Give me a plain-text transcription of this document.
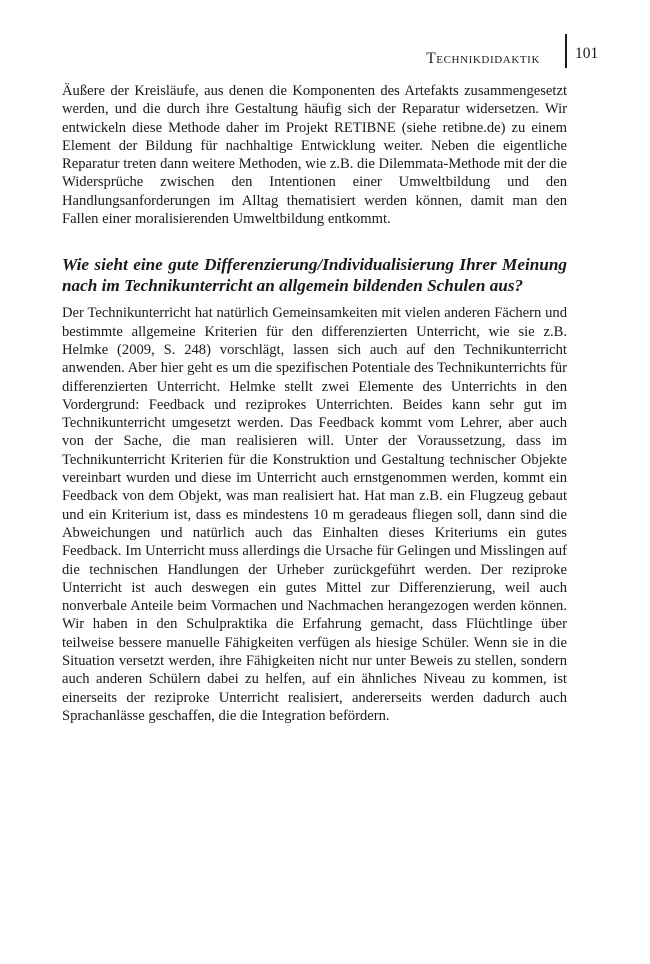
Technikdidaktik	101

Äußere der Kreisläufe, aus denen die Komponenten des Artefakts zusammengesetzt werden, und die durch ihre Gestaltung häufig sich der Reparatur widersetzen. Wir entwickeln diese Methode daher im Projekt RETIBNE (siehe retibne.de) zu einem Element der Bildung für nachhaltige Entwicklung weiter. Neben die eigentliche Reparatur treten dann weitere Methoden, wie z.B. die Dilemmata-Methode mit der die Widersprüche zwischen den Intentionen einer Umweltbildung und den Handlungsanforderungen im Alltag thematisiert werden können, damit man den Fallen einer moralisierenden Umweltbildung entkommt.

Wie sieht eine gute Differenzierung/Individualisierung Ihrer Meinung nach im Technikunterricht an allgemein bildenden Schulen aus?

Der Technikunterricht hat natürlich Gemeinsamkeiten mit vielen anderen Fächern und bestimmte allgemeine Kriterien für den differenzierten Unterricht, wie sie z.B. Helmke (2009, S. 248) vorschlägt, lassen sich auch auf den Technikunterricht anwenden. Aber hier geht es um die spezifischen Potentiale des Technikunterrichts für differenzierten Unterricht. Helmke stellt zwei Elemente des Unterrichts in den Vordergrund: Feedback und reziprokes Unterrichten. Beides kann sehr gut im Technikunterricht umgesetzt werden. Das Feedback kommt vom Lehrer, aber auch von der Sache, die man realisieren will. Unter der Voraussetzung, dass im Technikunterricht Kriterien für die Konstruktion und Gestaltung technischer Objekte vereinbart wurden und diese im Unterricht auch ernstgenommen werden, kommt ein Feedback von dem Objekt, was man realisiert hat. Hat man z.B. ein Flugzeug gebaut und ein Kriterium ist, dass es mindestens 10 m geradeaus fliegen soll, dann sind die Abweichungen und natürlich auch das Einhalten dieses Kriteriums ein gutes Feedback. Im Unterricht muss allerdings die Ursache für Gelingen und Misslingen auf die technischen Handlungen der Urheber zurückgeführt werden. Der reziproke Unterricht ist auch deswegen ein gutes Mittel zur Differenzierung, weil auch nonverbale Anteile beim Vormachen und Nachmachen herangezogen werden können. Wir haben in den Schulpraktika die Erfahrung gemacht, dass Flüchtlinge über teilweise bessere manuelle Fähigkeiten verfügen als hiesige Schüler. Wenn sie in die Situation versetzt werden, ihre Fähigkeiten nicht nur unter Beweis zu stellen, sondern auch anderen Schülern dabei zu helfen, auf ein ähnliches Niveau zu kommen, ist einerseits der reziproke Unterricht realisiert, andererseits werden dadurch auch Sprachanlässe geschaffen, die die Integration befördern.
